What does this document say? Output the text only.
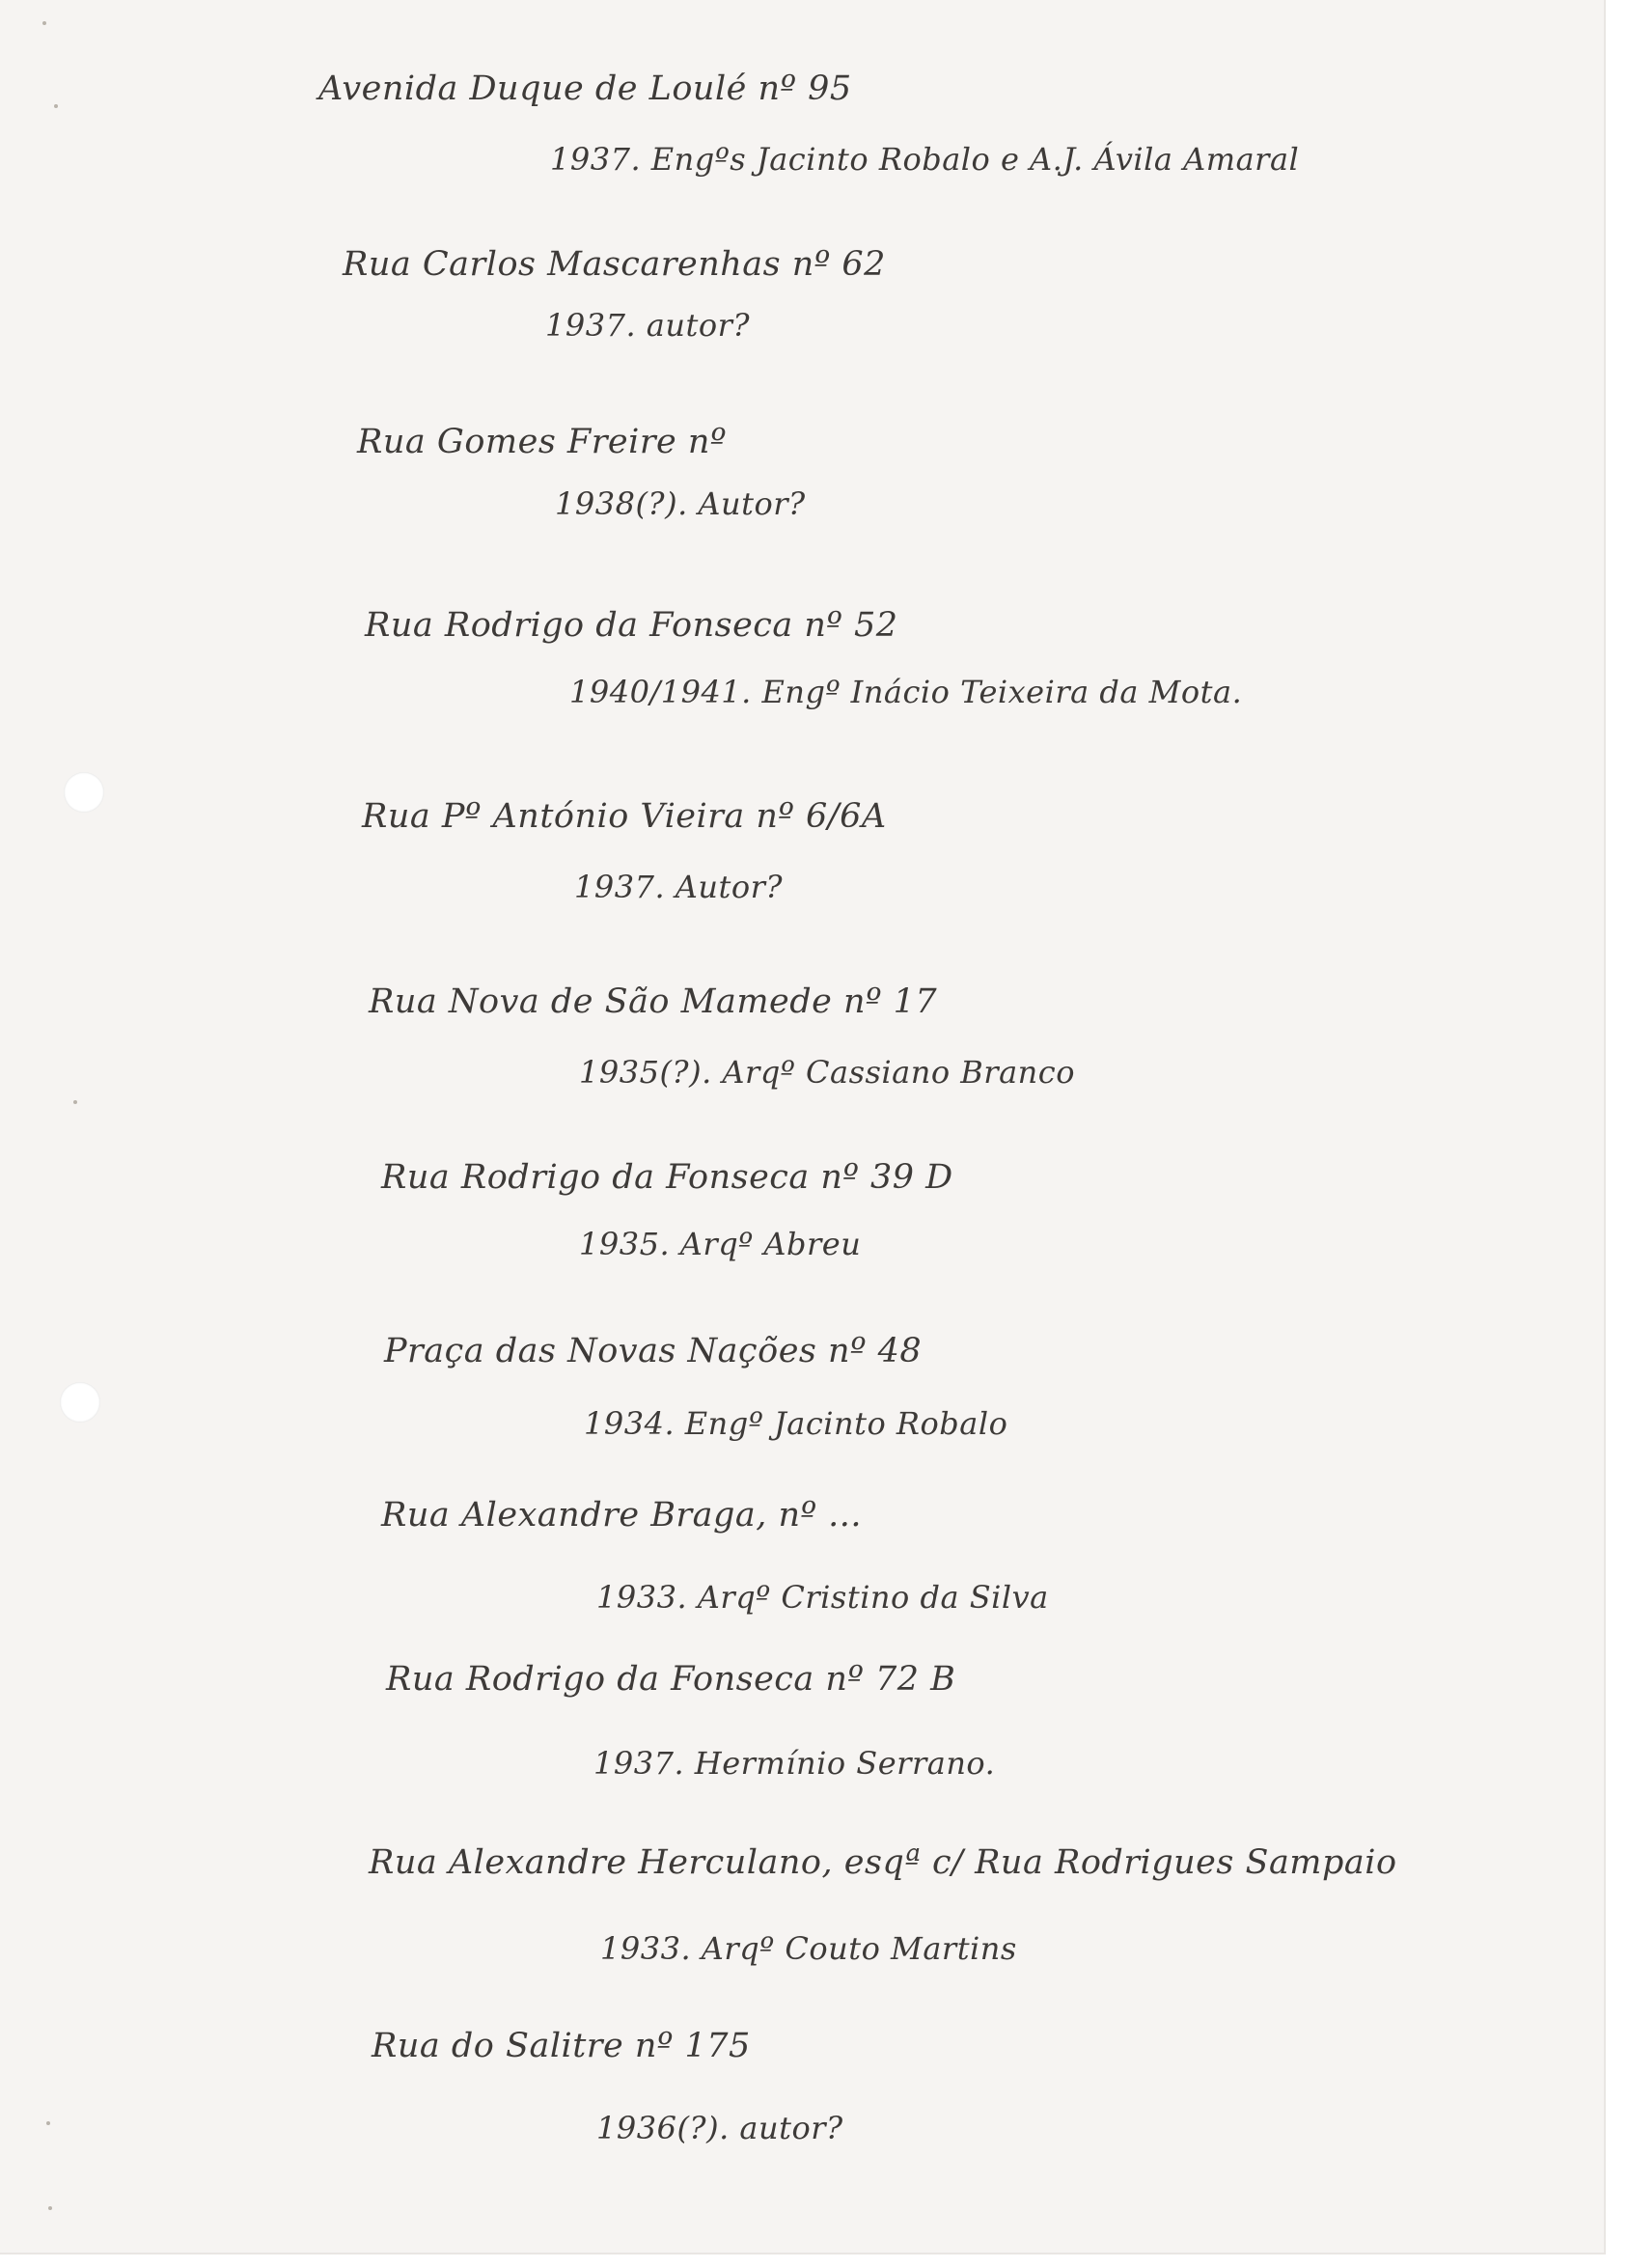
Avenida Duque de Loulé nº 95
1937. Engºs Jacinto Robalo e A.J. Ávila Amaral
Rua Carlos Mascarenhas nº 62
1937. autor?
Rua Gomes Freire nº
1938(?). Autor?
Rua Rodrigo da Fonseca nº 52
1940/1941. Engº Inácio Teixeira da Mota.
Rua Pº António Vieira nº 6/6A
1937. Autor?
Rua Nova de São Mamede nº 17
1935(?). Arqº Cassiano Branco
Rua Rodrigo da Fonseca nº 39 D
1935. Arqº Abreu
Praça das Novas Nações nº 48
1934. Engº Jacinto Robalo
Rua Alexandre Braga, nº ...
1933. Arqº Cristino da Silva
Rua Rodrigo da Fonseca nº 72 B
1937. Hermínio Serrano.
Rua Alexandre Herculano, esqª c/ Rua Rodrigues Sampaio
1933. Arqº Couto Martins
Rua do Salitre nº 175
1936(?). autor?
